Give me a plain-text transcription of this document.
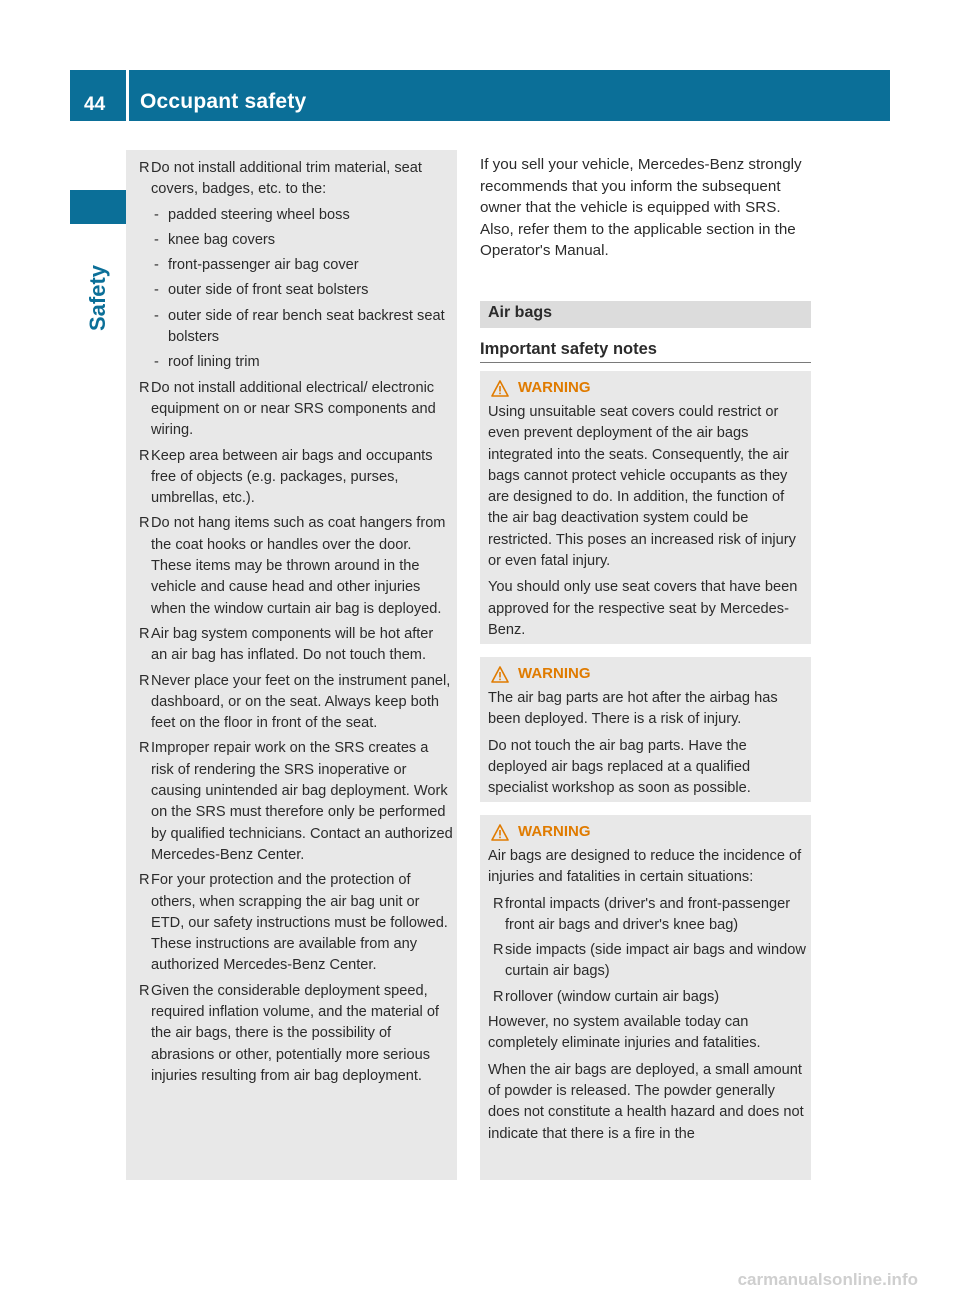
44 Occupant safety
Safety
R Do not install additional trim material, seat covers, badges, etc. to the:
- padded steering wheel boss
- knee bag covers
- front-passenger air bag cover
- outer side of front seat bolsters
- outer side of rear bench seat backrest seat bolsters
- roof lining trim
R Do not install additional electrical/ electronic equipment on or near SRS components and wiring.
R Keep area between air bags and occupants free of objects (e.g. packages, purses, umbrellas, etc.).
R Do not hang items such as coat hangers from the coat hooks or handles over the door. These items may be thrown around in the vehicle and cause head and other injuries when the window curtain air bag is deployed.
R Air bag system components will be hot after an air bag has inflated. Do not touch them.
R Never place your feet on the instrument panel, dashboard, or on the seat. Always keep both feet on the floor in front of the seat.
R Improper repair work on the SRS creates a risk of rendering the SRS inoperative or causing unintended air bag deployment. Work on the SRS must therefore only be performed by qualified technicians. Contact an authorized Mercedes-Benz Center.
R For your protection and the protection of others, when scrapping the air bag unit or ETD, our safety instructions must be followed. These instructions are available from any authorized Mercedes-Benz Center.
R Given the considerable deployment speed, required inflation volume, and the material of the air bags, there is the possibility of abrasions or other, potentially more serious injuries resulting from air bag deployment.

If you sell your vehicle, Mercedes-Benz strongly recommends that you inform the subsequent owner that the vehicle is equipped with SRS. Also, refer them to the applicable section in the Operator's Manual.

Air bags
Important safety notes
WARNING

Using unsuitable seat covers could restrict or even prevent deployment of the air bags integrated into the seats. Consequently, the air bags cannot protect vehicle occupants as they are designed to do. In addition, the function of the air bag deactivation system could be restricted. This poses an increased risk of injury or even fatal injury.

You should only use seat covers that have been approved for the respective seat by Mercedes-Benz.

WARNING

The air bag parts are hot after the airbag has been deployed. There is a risk of injury.

Do not touch the air bag parts. Have the deployed air bags replaced at a qualified specialist workshop as soon as possible.

WARNING

Air bags are designed to reduce the incidence of injuries and fatalities in certain situations:

R frontal impacts (driver's and front-passenger front air bags and driver's knee bag)
R side impacts (side impact air bags and window curtain air bags)
R rollover (window curtain air bags)

However, no system available today can completely eliminate injuries and fatalities.

When the air bags are deployed, a small amount of powder is released. The powder generally does not constitute a health hazard and does not indicate that there is a fire in the

carmanualsonline.info
